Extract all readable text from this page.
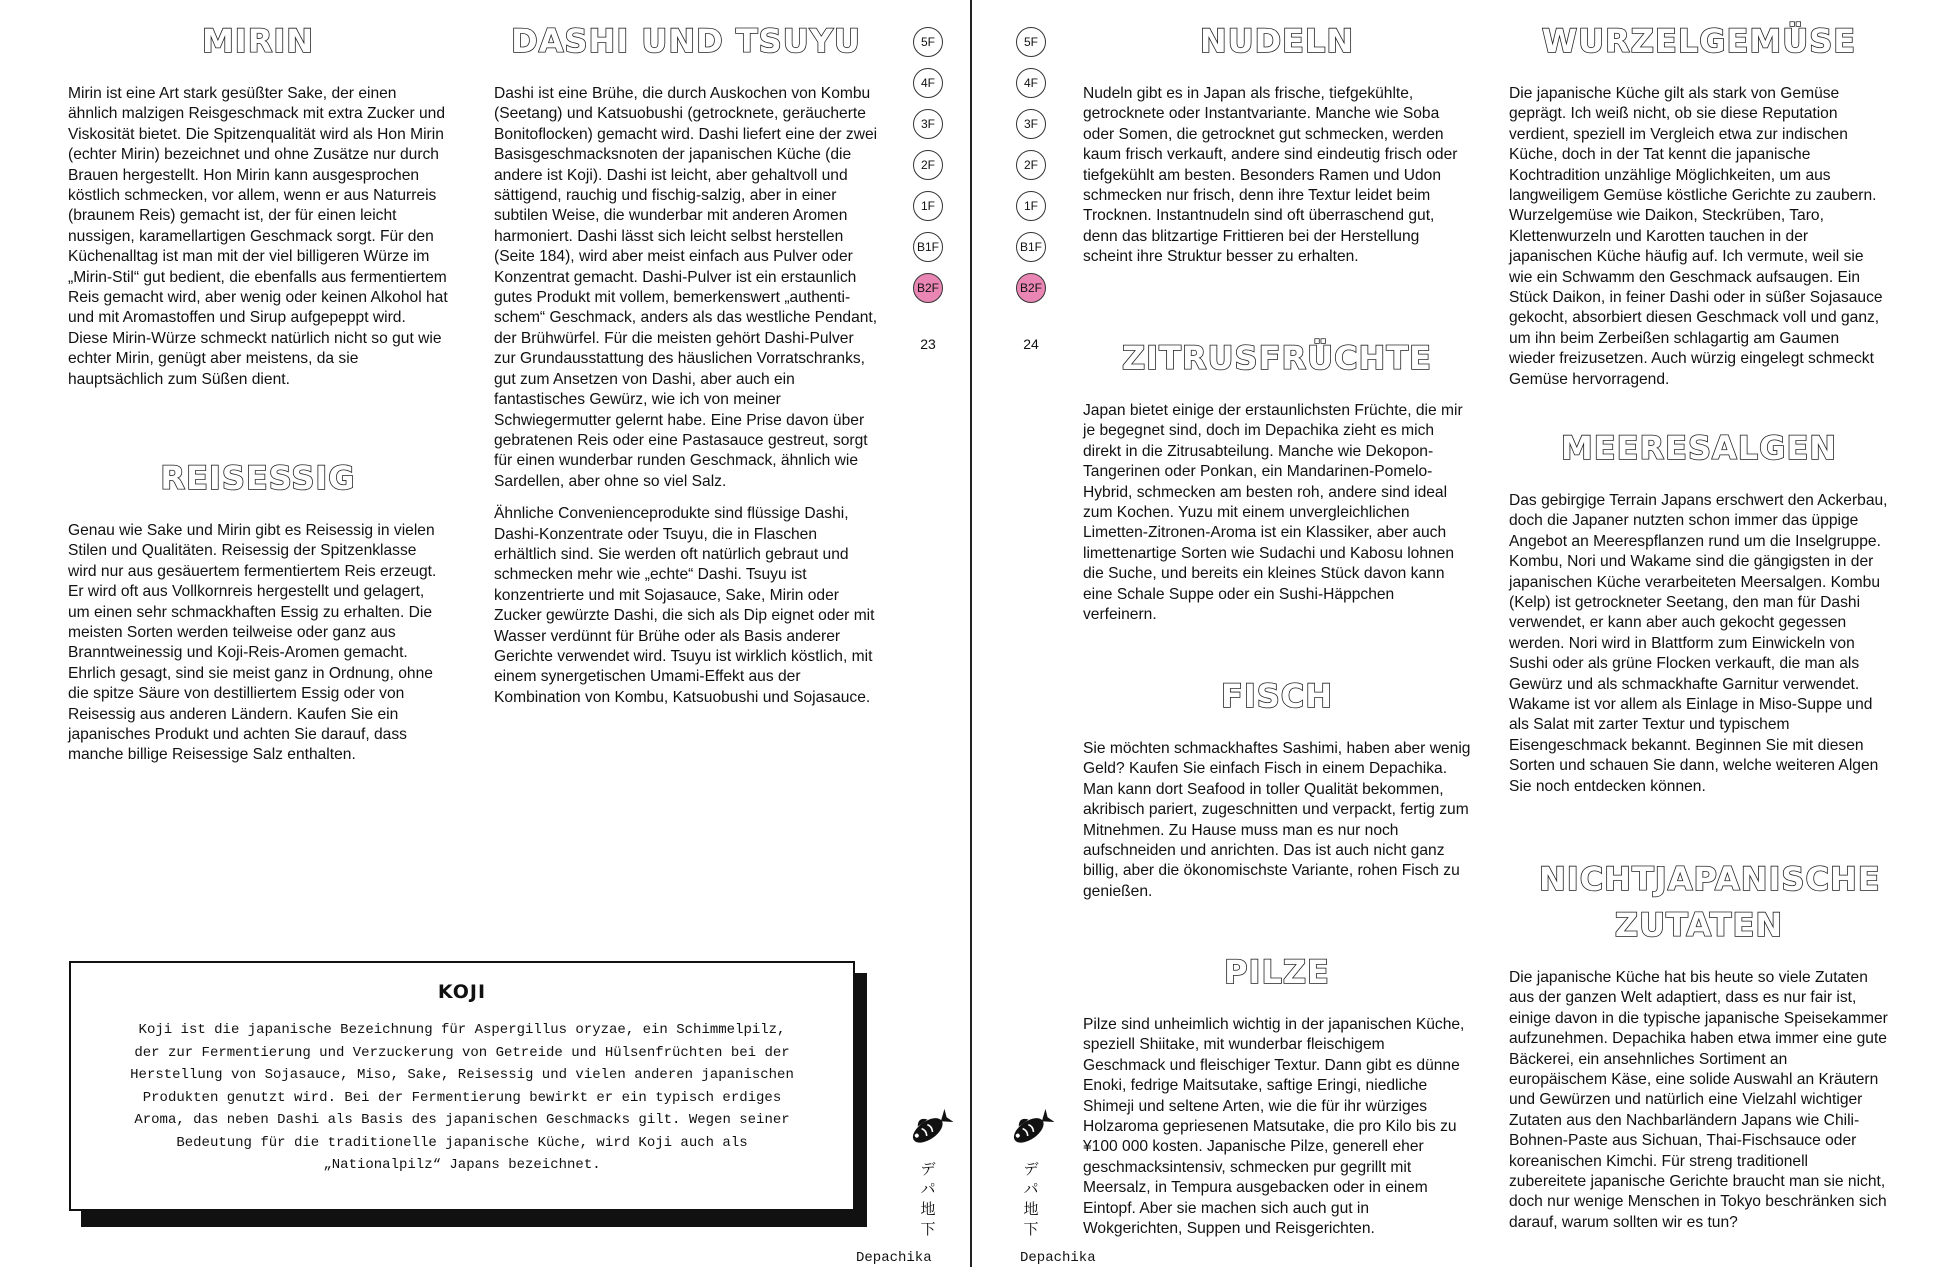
MIRIN

Mirin ist eine Art stark gesüßter Sake, der einen ähnlich malzigen Reisgeschmack mit extra Zucker und Viskosität bietet. Die Spitzenqualität wird als Hon Mirin (echter Mirin) bezeichnet und ohne Zusätze nur durch Brauen hergestellt. Hon Mirin kann ausgesprochen köstlich schmecken, vor allem, wenn er aus Naturreis (braunem Reis) gemacht ist, der für einen leicht nussigen, karamellartigen Geschmack sorgt. Für den Küchenalltag ist man mit der viel billigeren Würze im „Mirin-Stil“ gut bedient, die ebenfalls aus fermentiertem Reis gemacht wird, aber wenig oder keinen Alkohol hat und mit Aromastoffen und Sirup aufgepeppt wird. Diese Mirin-Würze schmeckt natürlich nicht so gut wie echter Mirin, genügt aber meistens, da sie hauptsächlich zum Süßen dient.

REISESSIG

Genau wie Sake und Mirin gibt es Reisessig in vielen Stilen und Qualitäten. Reisessig der Spitzenklasse wird nur aus gesäuertem fermentiertem Reis erzeugt. Er wird oft aus Vollkornreis hergestellt und gelagert, um einen sehr schmackhaften Essig zu erhalten. Die meisten Sorten werden teilweise oder ganz aus Branntweinessig und Koji-Reis-Aromen gemacht. Ehrlich gesagt, sind sie meist ganz in Ordnung, ohne die spitze Säure von destilliertem Essig oder von Reisessig aus anderen Ländern. Kaufen Sie ein japanisches Produkt und achten Sie darauf, dass manche billige Reisessige Salz enthalten.

DASHI UND TSUYU

Dashi ist eine Brühe, die durch Auskochen von Kombu (Seetang) und Katsuobushi (getrocknete, geräucherte Bonitoflocken) gemacht wird. Dashi liefert eine der zwei Basisgeschmacksnoten der japanischen Küche (die andere ist Koji). Dashi ist leicht, aber gehaltvoll und sättigend, rauchig und fischig-salzig, aber in einer subtilen Weise, die wunderbar mit anderen Aromen harmoniert. Dashi lässt sich leicht selbst herstellen (Seite 184), wird aber meist einfach aus Pulver oder Konzentrat gemacht. Dashi-Pulver ist ein erstaunlich gutes Produkt mit vollem, bemerkenswert „authentischem“ Geschmack, anders als das westliche Pendant, der Brühwürfel. Für die meisten gehört Dashi-Pulver zur Grundausstattung des häuslichen Vorratschranks, gut zum Ansetzen von Dashi, aber auch ein fantastisches Gewürz, wie ich von meiner Schwiegermutter gelernt habe. Eine Prise davon über gebratenen Reis oder eine Pastasauce gestreut, sorgt für einen wunderbar runden Geschmack, ähnlich wie Sardellen, aber ohne so viel Salz.

Ähnliche Convenienceprodukte sind flüssige Dashi, Dashi-Konzentrate oder Tsuyu, die in Flaschen erhältlich sind. Sie werden oft natürlich gebraut und schmecken mehr wie „echte“ Dashi. Tsuyu ist konzentrierte und mit Sojasauce, Sake, Mirin oder Zucker gewürzte Dashi, die sich als Dip eignet oder mit Wasser verdünnt für Brühe oder als Basis anderer Gerichte verwendet wird. Tsuyu ist wirklich köstlich, mit einem synergetischen Umami-Effekt aus der Kombination von Kombu, Katsuobushi und Sojasauce.

KOJI
Koji ist die japanische Bezeichnung für Aspergillus oryzae, ein Schimmelpilz, der zur Fermentierung und Verzuckerung von Getreide und Hülsenfrüchten bei der Herstellung von Sojasauce, Miso, Sake, Reisessig und vielen anderen japanischen Produkten genutzt wird. Bei der Fermentierung bewirkt er ein typisch erdiges Aroma, das neben Dashi als Basis des japanischen Geschmacks gilt. Wegen seiner Bedeutung für die traditionelle japanische Küche, wird Koji auch als „Nationalpilz“ Japans bezeichnet.
5F
4F
3F
2F
1F
B1F
B2F
23
デ
パ
地
下
Depachika
5F
4F
3F
2F
1F
B1F
B2F
24
NUDELN

Nudeln gibt es in Japan als frische, tiefgekühlte, getrocknete oder Instantvariante. Manche wie Soba oder Somen, die getrocknet gut schmecken, werden kaum frisch verkauft, andere sind eindeutig frisch oder tiefgekühlt am besten. Besonders Ramen und Udon schmecken nur frisch, denn ihre Textur leidet beim Trocknen. Instantnudeln sind oft überraschend gut, denn das blitzartige Frittieren bei der Herstellung scheint ihre Struktur besser zu erhalten.

ZITRUSFRÜCHTE

Japan bietet einige der erstaunlichsten Früchte, die mir je begegnet sind, doch im Depachika zieht es mich direkt in die Zitrusabteilung. Manche wie Dekopon-Tangerinen oder Ponkan, ein Mandarinen-Pomelo-Hybrid, schmecken am besten roh, andere sind ideal zum Kochen. Yuzu mit einem unvergleichlichen Limetten-Zitronen-Aroma ist ein Klassiker, aber auch limettenartige Sorten wie Sudachi und Kabosu lohnen die Suche, und bereits ein kleines Stück davon kann eine Schale Suppe oder ein Sushi-Häppchen verfeinern.

FISCH

Sie möchten schmackhaftes Sashimi, haben aber wenig Geld? Kaufen Sie einfach Fisch in einem Depachika. Man kann dort Seafood in toller Qualität bekommen, akribisch pariert, zugeschnitten und verpackt, fertig zum Mitnehmen. Zu Hause muss man es nur noch aufschneiden und anrichten. Das ist auch nicht ganz billig, aber die ökonomischste Variante, rohen Fisch zu genießen.

PILZE

Pilze sind unheimlich wichtig in der japanischen Küche, speziell Shiitake, mit wunderbar fleischigem Geschmack und fleischiger Textur. Dann gibt es dünne Enoki, fedrige Maitsutake, saftige Eringi, niedliche Shimeji und seltene Arten, wie die für ihr würziges Holzaroma gepriesenen Matsutake, die pro Kilo bis zu ¥100 000 kosten. Japanische Pilze, generell eher geschmacksintensiv, schmecken pur gegrillt mit Meersalz, in Tempura ausgebacken oder in einem Eintopf. Aber sie machen sich auch gut in Wokgerichten, Suppen und Reisgerichten.

WURZELGEMÜSE

Die japanische Küche gilt als stark von Gemüse geprägt. Ich weiß nicht, ob sie diese Reputation verdient, speziell im Vergleich etwa zur indischen Küche, doch in der Tat kennt die japanische Kochtradition unzählige Möglichkeiten, um aus langweiligem Gemüse köstliche Gerichte zu zaubern. Wurzelgemüse wie Daikon, Steckrüben, Taro, Klettenwurzeln und Karotten tauchen in der japanischen Küche häufig auf. Ich vermute, weil sie wie ein Schwamm den Geschmack aufsaugen. Ein Stück Daikon, in feiner Dashi oder in süßer Sojasauce gekocht, absorbiert diesen Geschmack voll und ganz, um ihn beim Zerbeißen schlagartig am Gaumen wieder freizusetzen. Auch würzig eingelegt schmeckt Gemüse hervorragend.

MEERESALGEN

Das gebirgige Terrain Japans erschwert den Ackerbau, doch die Japaner nutzten schon immer das üppige Angebot an Meerespflanzen rund um die Inselgruppe. Kombu, Nori und Wakame sind die gängigsten in der japanischen Küche verarbeiteten Meersalgen. Kombu (Kelp) ist getrockneter Seetang, den man für Dashi verwendet, er kann aber auch gekocht gegessen werden. Nori wird in Blattform zum Einwickeln von Sushi oder als grüne Flocken verkauft, die man als Gewürz und als schmackhafte Garnitur verwendet. Wakame ist vor allem als Einlage in Miso-Suppe und als Salat mit zarter Textur und typischem Eisengeschmack bekannt. Beginnen Sie mit diesen Sorten und schauen Sie dann, welche weiteren Algen Sie noch entdecken können.

NICHTJAPANISCHE ZUTATEN

Die japanische Küche hat bis heute so viele Zutaten aus der ganzen Welt adaptiert, dass es nur fair ist, einige davon in die typische japanische Speisekammer aufzunehmen. Depachika haben etwa immer eine gute Bäckerei, ein ansehnliches Sortiment an europäischem Käse, eine solide Auswahl an Kräutern und Gewürzen und natürlich eine Vielzahl wichtiger Zutaten aus den Nachbarländern Japans wie Chili-Bohnen-Paste aus Sichuan, Thai-Fischsauce oder koreanischen Kimchi. Für streng traditionell zubereitete japanische Gerichte braucht man sie nicht, doch nur wenige Menschen in Tokyo beschränken sich darauf, warum sollten wir es tun?

デ
パ
地
下
Depachika
